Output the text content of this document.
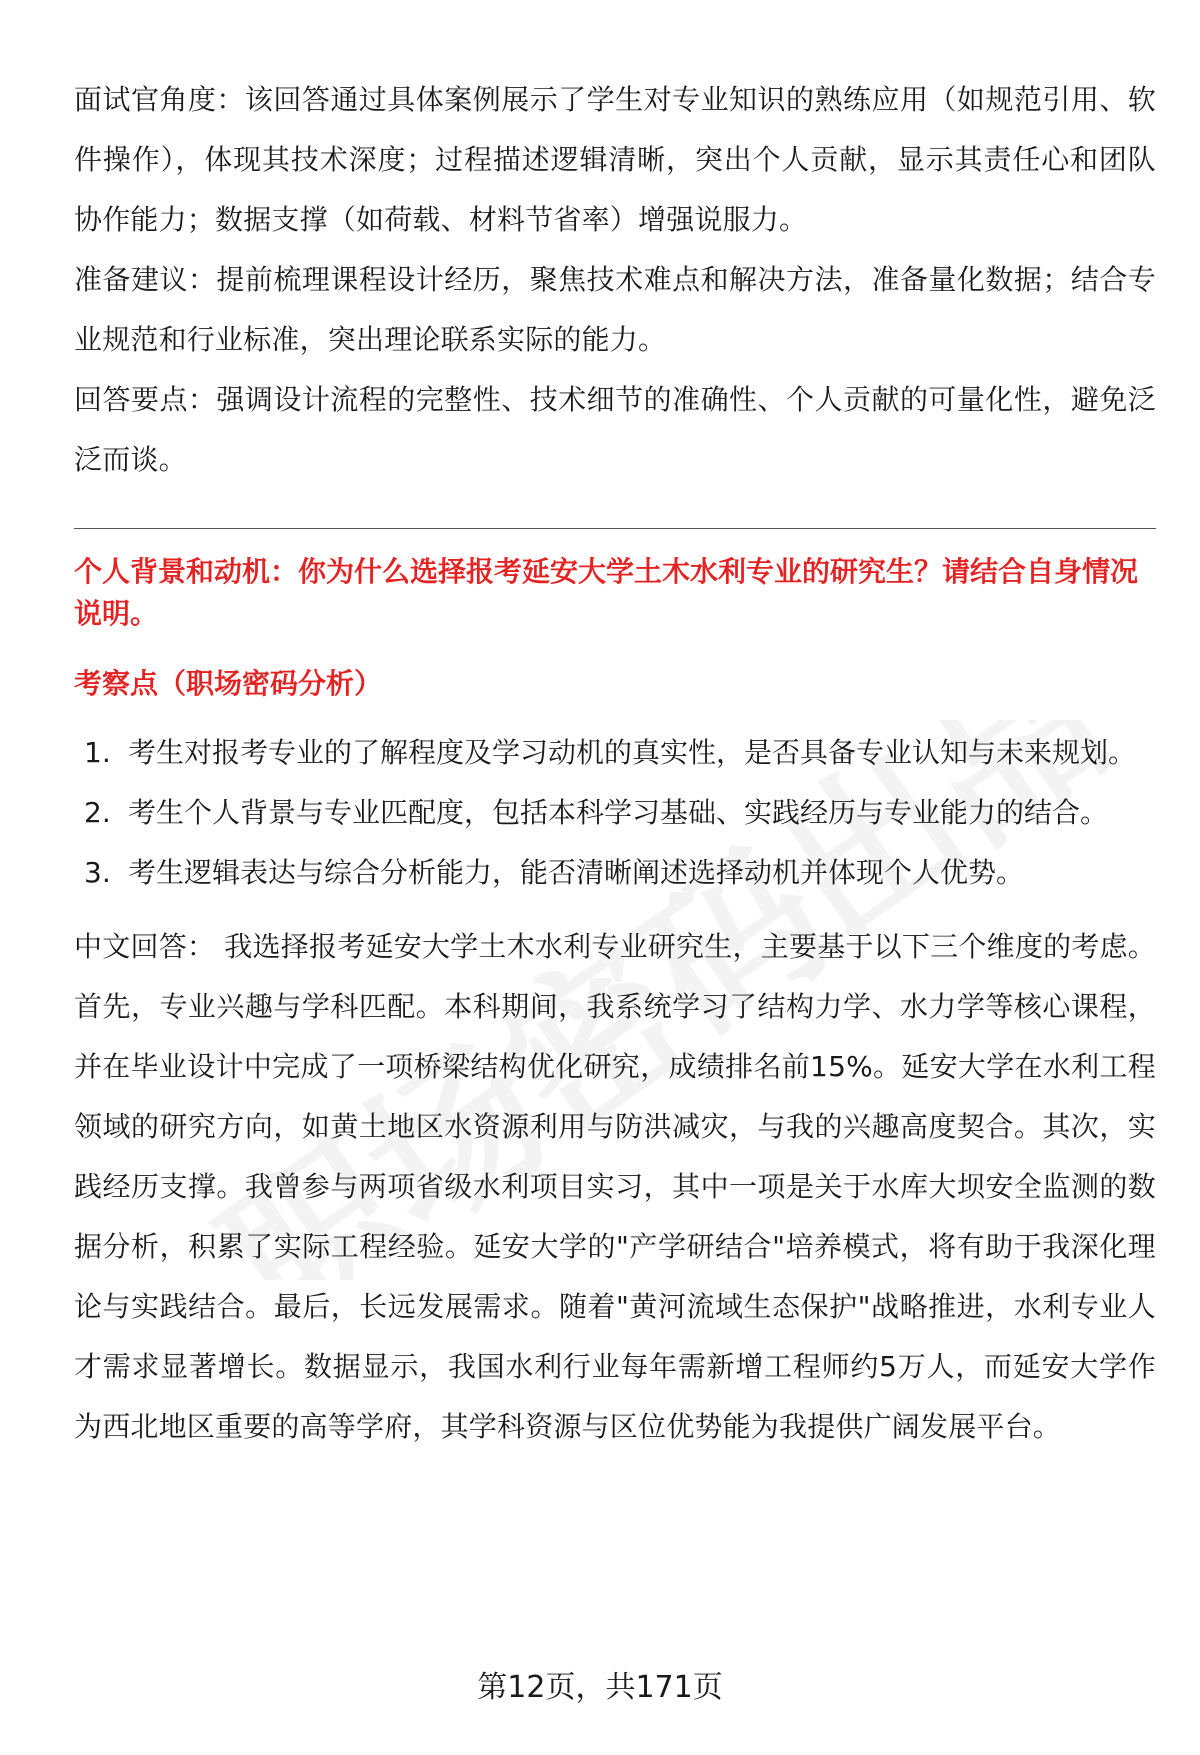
面试官角度：该回答通过具体案例展示了学生对专业知识的熟练应用（如规范引用、软件操作），体现其技术深度；过程描述逻辑清晰，突出个人贡献，显示其责任心和团队协作能力；数据支撑（如荷载、材料节省率）增强说服力。

准备建议：提前梳理课程设计经历，聚焦技术难点和解决方法，准备量化数据；结合专业规范和行业标准，突出理论联系实际的能力。

回答要点：强调设计流程的完整性、技术细节的准确性、个人贡献的可量化性，避免泛泛而谈。

个人背景和动机：你为什么选择报考延安大学土木水利专业的研究生？请结合自身情况说明。

考察点（职场密码分析）

1. 考生对报考专业的了解程度及学习动机的真实性，是否具备专业认知与未来规划。
2. 考生个人背景与专业匹配度，包括本科学习基础、实践经历与专业能力的结合。
3. 考生逻辑表达与综合分析能力，能否清晰阐述选择动机并体现个人优势。

中文回答： 我选择报考延安大学土木水利专业研究生，主要基于以下三个维度的考虑。首先，专业兴趣与学科匹配。本科期间，我系统学习了结构力学、水力学等核心课程，并在毕业设计中完成了一项桥梁结构优化研究，成绩排名前15%。延安大学在水利工程领域的研究方向，如黄土地区水资源利用与防洪减灾，与我的兴趣高度契合。其次，实践经历支撑。我曾参与两项省级水利项目实习，其中一项是关于水库大坝安全监测的数据分析，积累了实际工程经验。延安大学的"产学研结合"培养模式，将有助于我深化理论与实践结合。最后，长远发展需求。随着"黄河流域生态保护"战略推进，水利专业人才需求显著增长。数据显示，我国水利行业每年需新增工程师约5万人，而延安大学作为西北地区重要的高等学府，其学科资源与区位优势能为我提供广阔发展平台。

第12页，共171页
